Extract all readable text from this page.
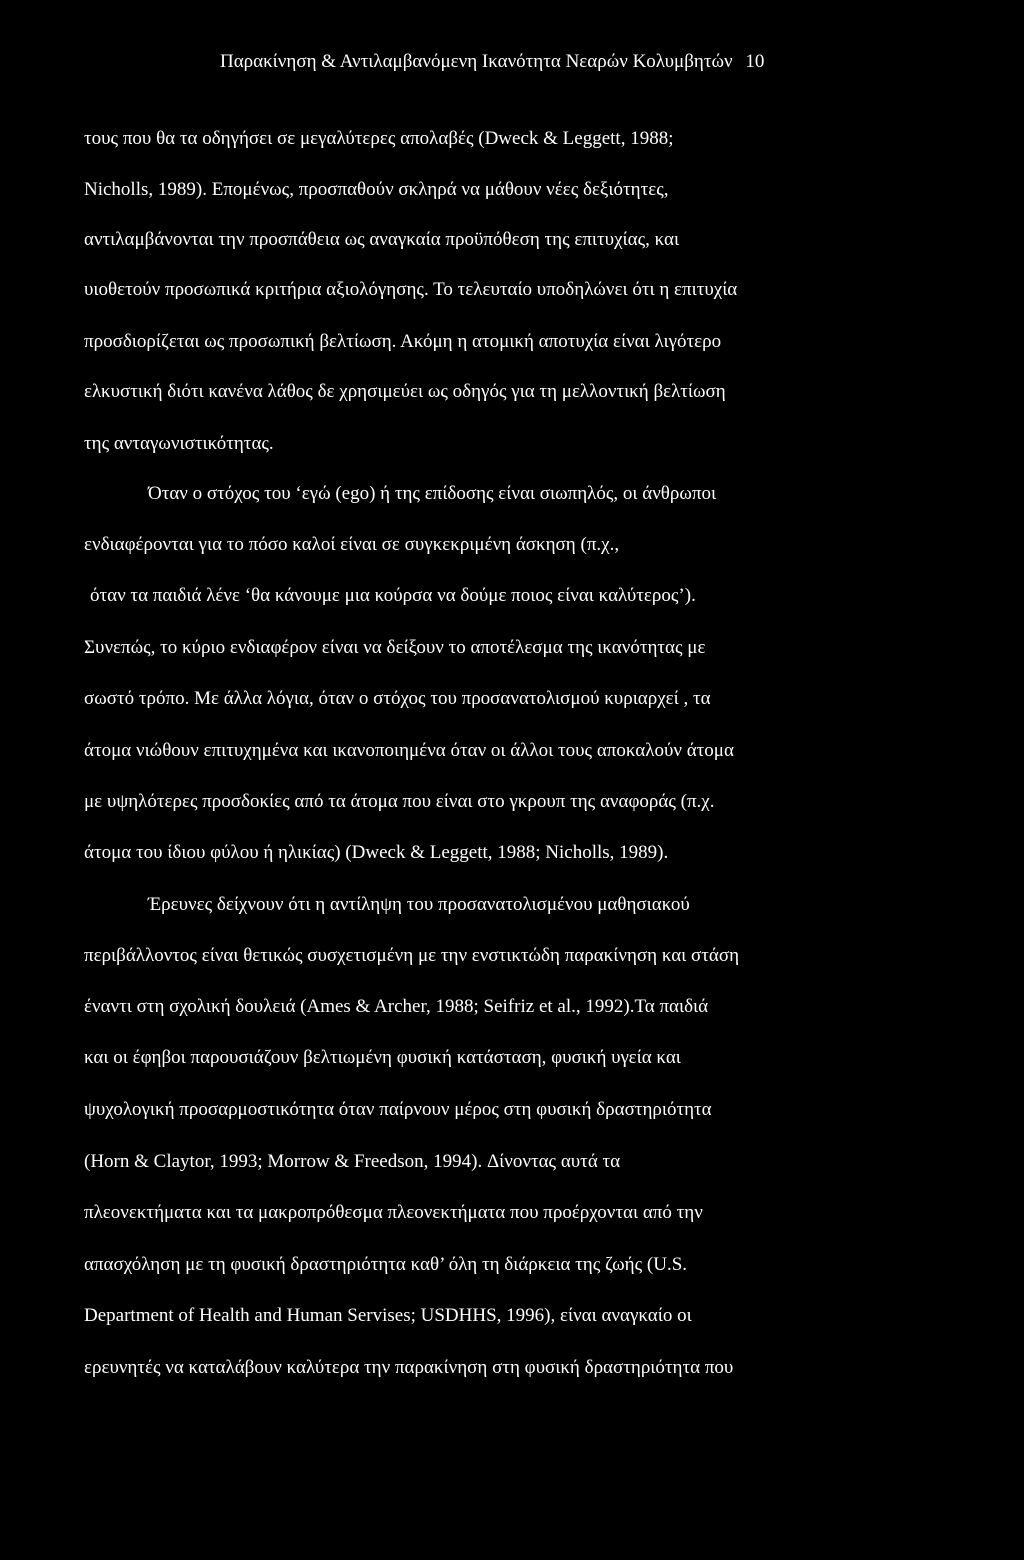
Παρακίνηση & Αντιλαμβανόμενη Ικανότητα Νεαρών Κολυμβητών 10
τους που θα τα οδηγήσει σε μεγαλύτερες απολαβές (Dweck & Leggett, 1988;
Nicholls, 1989). Επομένως, προσπαθούν σκληρά να μάθουν νέες δεξιότητες,
αντιλαμβάνονται την προσπάθεια ως αναγκαία προϋπόθεση της επιτυχίας, και
υιοθετούν προσωπικά κριτήρια αξιολόγησης. Το τελευταίο υποδηλώνει ότι η επιτυχία
προσδιορίζεται ως προσωπική βελτίωση. Ακόμη η ατομική αποτυχία είναι λιγότερο
ελκυστική διότι κανένα λάθος δε χρησιμεύει ως οδηγός για τη μελλοντική βελτίωση
της ανταγωνιστικότητας.
Όταν ο στόχος του ‘εγώ (ego) ή της επίδοσης είναι σιωπηλός, οι άνθρωποι
ενδιαφέρονται για το πόσο καλοί είναι σε συγκεκριμένη άσκηση (π.χ.,
όταν τα παιδιά λένε ‘θα κάνουμε μια κούρσα να δούμε ποιος είναι καλύτερος’).
Συνεπώς, το κύριο ενδιαφέρον είναι να δείξουν το αποτέλεσμα της ικανότητας με
σωστό τρόπο. Με άλλα λόγια, όταν ο στόχος του προσανατολισμού κυριαρχεί , τα
άτομα νιώθουν επιτυχημένα και ικανοποιημένα όταν οι άλλοι τους αποκαλούν άτομα
με υψηλότερες προσδοκίες από τα άτομα που είναι στο γκρουπ της αναφοράς (π.χ.
άτομα του ίδιου φύλου ή ηλικίας) (Dweck & Leggett, 1988; Nicholls, 1989).
Έρευνες δείχνουν ότι η αντίληψη του προσανατολισμένου μαθησιακού
περιβάλλοντος είναι θετικώς συσχετισμένη με την ενστικτώδη παρακίνηση και στάση
έναντι στη σχολική δουλειά (Ames & Archer, 1988; Seifriz et al., 1992).Τα παιδιά
και οι έφηβοι παρουσιάζουν βελτιωμένη φυσική κατάσταση, φυσική υγεία και
ψυχολογική προσαρμοστικότητα όταν παίρνουν μέρος στη φυσική δραστηριότητα
(Horn & Claytor, 1993; Morrow & Freedson, 1994). Δίνοντας αυτά τα
πλεονεκτήματα και τα μακροπρόθεσμα πλεονεκτήματα που προέρχονται από την
απασχόληση με τη φυσική δραστηριότητα καθ’ όλη τη διάρκεια της ζωής (U.S.
Department of Health and Human Servises; USDHHS, 1996), είναι αναγκαίο οι
ερευνητές να καταλάβουν καλύτερα την παρακίνηση στη φυσική δραστηριότητα που
